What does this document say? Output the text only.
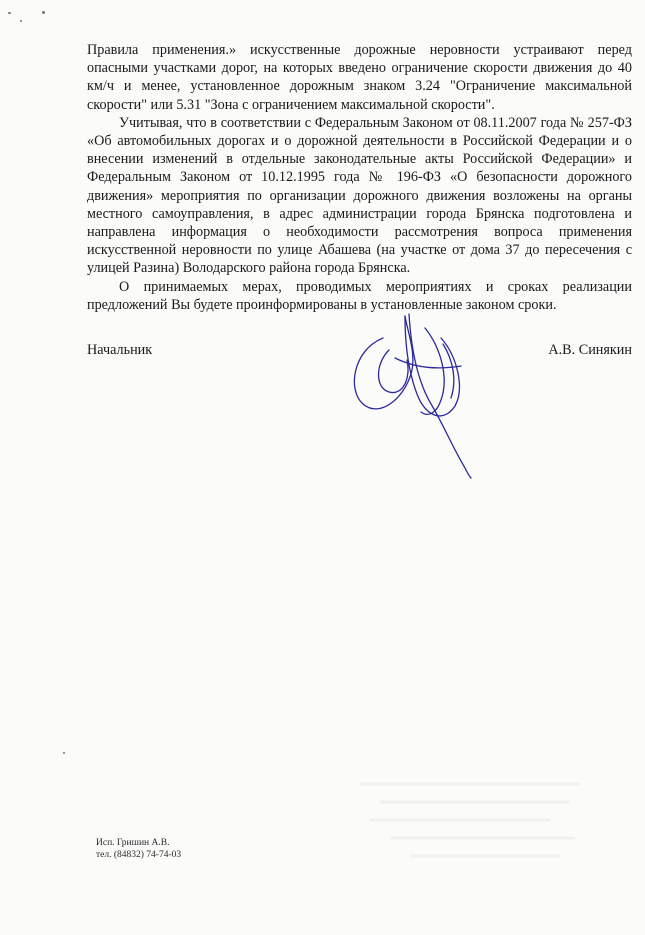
Правила применения.» искусственные дорожные неровности устраивают перед опасными участками дорог, на которых введено ограничение скорости движения до 40 км/ч и менее, установленное дорожным знаком 3.24 "Ограничение максимальной скорости" или 5.31 "Зона с ограничением максимальной скорости".

Учитывая, что в соответствии с Федеральным Законом от 08.11.2007 года № 257-ФЗ «Об автомобильных дорогах и о дорожной деятельности в Российской Федерации и о внесении изменений в отдельные законодательные акты Российской Федерации» и Федеральным Законом от 10.12.1995 года № 196-ФЗ «О безопасности дорожного движения» мероприятия по организации дорожного движения возложены на органы местного самоуправления, в адрес администрации города Брянска подготовлена и направлена информация о необходимости рассмотрения вопроса применения искусственной неровности по улице Абашева (на участке от дома 37 до пересечения с улицей Разина) Володарского района города Брянска.

О принимаемых мерах, проводимых мероприятиях и сроках реализации предложений Вы будете проинформированы в установленные законом сроки.

Начальник	А.В. Синякин
Исп. Гришин А.В.
тел. (84832) 74-74-03
